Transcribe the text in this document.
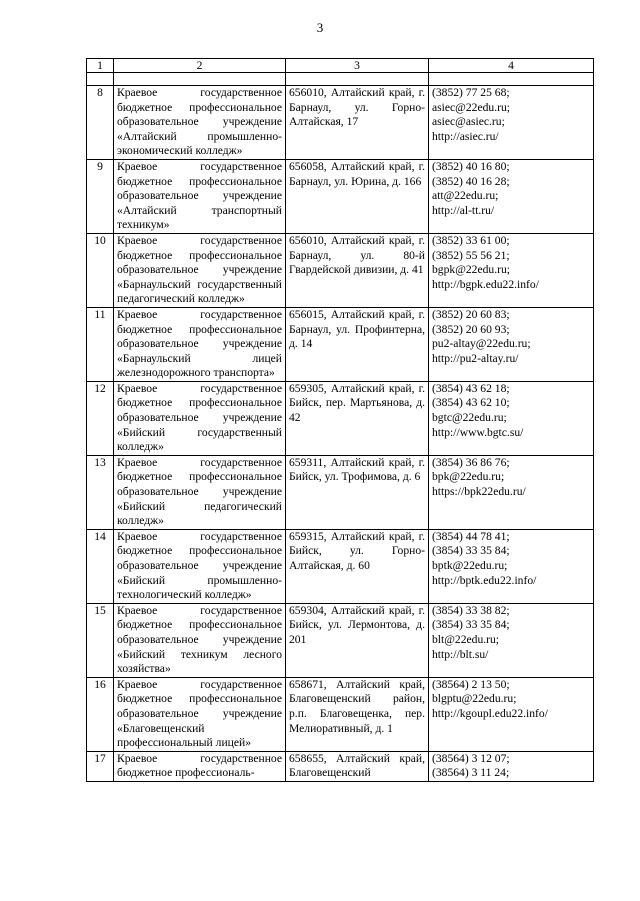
3
1	2	3	4

8	Краевое государственное бюджетное профессиональное образовательное учреждение «Алтайский промышленно-экономический колледж»	656010, Алтайский край, г. Барнаул, ул. Горно-Алтайская, 17	(3852) 77 25 68;
asiec@22edu.ru;
asiec@asiec.ru;
http://asiec.ru/

9	Краевое государственное бюджетное профессиональное образовательное учреждение «Алтайский транспортный техникум»	656058, Алтайский край, г. Барнаул, ул. Юрина, д. 166	(3852) 40 16 80;
(3852) 40 16 28;
att@22edu.ru;
http://al-tt.ru/

10	Краевое государственное бюджетное профессиональное образовательное учреждение «Барнаульский государственный педагогический колледж»	656010, Алтайский край, г. Барнаул, ул. 80-й Гвардейской дивизии, д. 41	(3852) 33 61 00;
(3852) 55 56 21;
bgpk@22edu.ru;
http://bgpk.edu22.info/

11	Краевое государственное бюджетное профессиональное образовательное учреждение «Барнаульский лицей железнодорожного транспорта»	656015, Алтайский край, г. Барнаул, ул. Профинтерна, д. 14	(3852) 20 60 83;
(3852) 20 60 93;
pu2-altay@22edu.ru;
http://pu2-altay.ru/

12	Краевое государственное бюджетное профессиональное образовательное учреждение «Бийский государственный колледж»	659305, Алтайский край, г. Бийск, пер. Мартьянова, д. 42	(3854) 43 62 18;
(3854) 43 62 10;
bgtc@22edu.ru;
http://www.bgtc.su/

13	Краевое государственное бюджетное профессиональное образовательное учреждение «Бийский педагогический колледж»	659311, Алтайский край, г. Бийск, ул. Трофимова, д. 6	(3854) 36 86 76;
bpk@22edu.ru;
https://bpk22edu.ru/

14	Краевое государственное бюджетное профессиональное образовательное учреждение «Бийский промышленно-технологический колледж»	659315, Алтайский край, г. Бийск, ул. Горно-Алтайская, д. 60	(3854) 44 78 41;
(3854) 33 35 84;
bptk@22edu.ru;
http://bptk.edu22.info/

15	Краевое государственное бюджетное профессиональное образовательное учреждение «Бийский техникум лесного хозяйства»	659304, Алтайский край, г. Бийск, ул. Лермонтова, д. 201	(3854) 33 38 82;
(3854) 33 35 84;
blt@22edu.ru;
http://blt.su/

16	Краевое государственное бюджетное профессиональное образовательное учреждение «Благовещенский профессиональный лицей»	658671, Алтайский край, Благовещенский район, р.п. Благовещенка, пер. Мелиоративный, д. 1	(38564) 2 13 50;
blgptu@22edu.ru;
http://kgoupl.edu22.info/

17	Краевое государственное бюджетное профессиональ-	658655, Алтайский край, Благовещенский	(38564) 3 12 07;
(38564) 3 11 24;
